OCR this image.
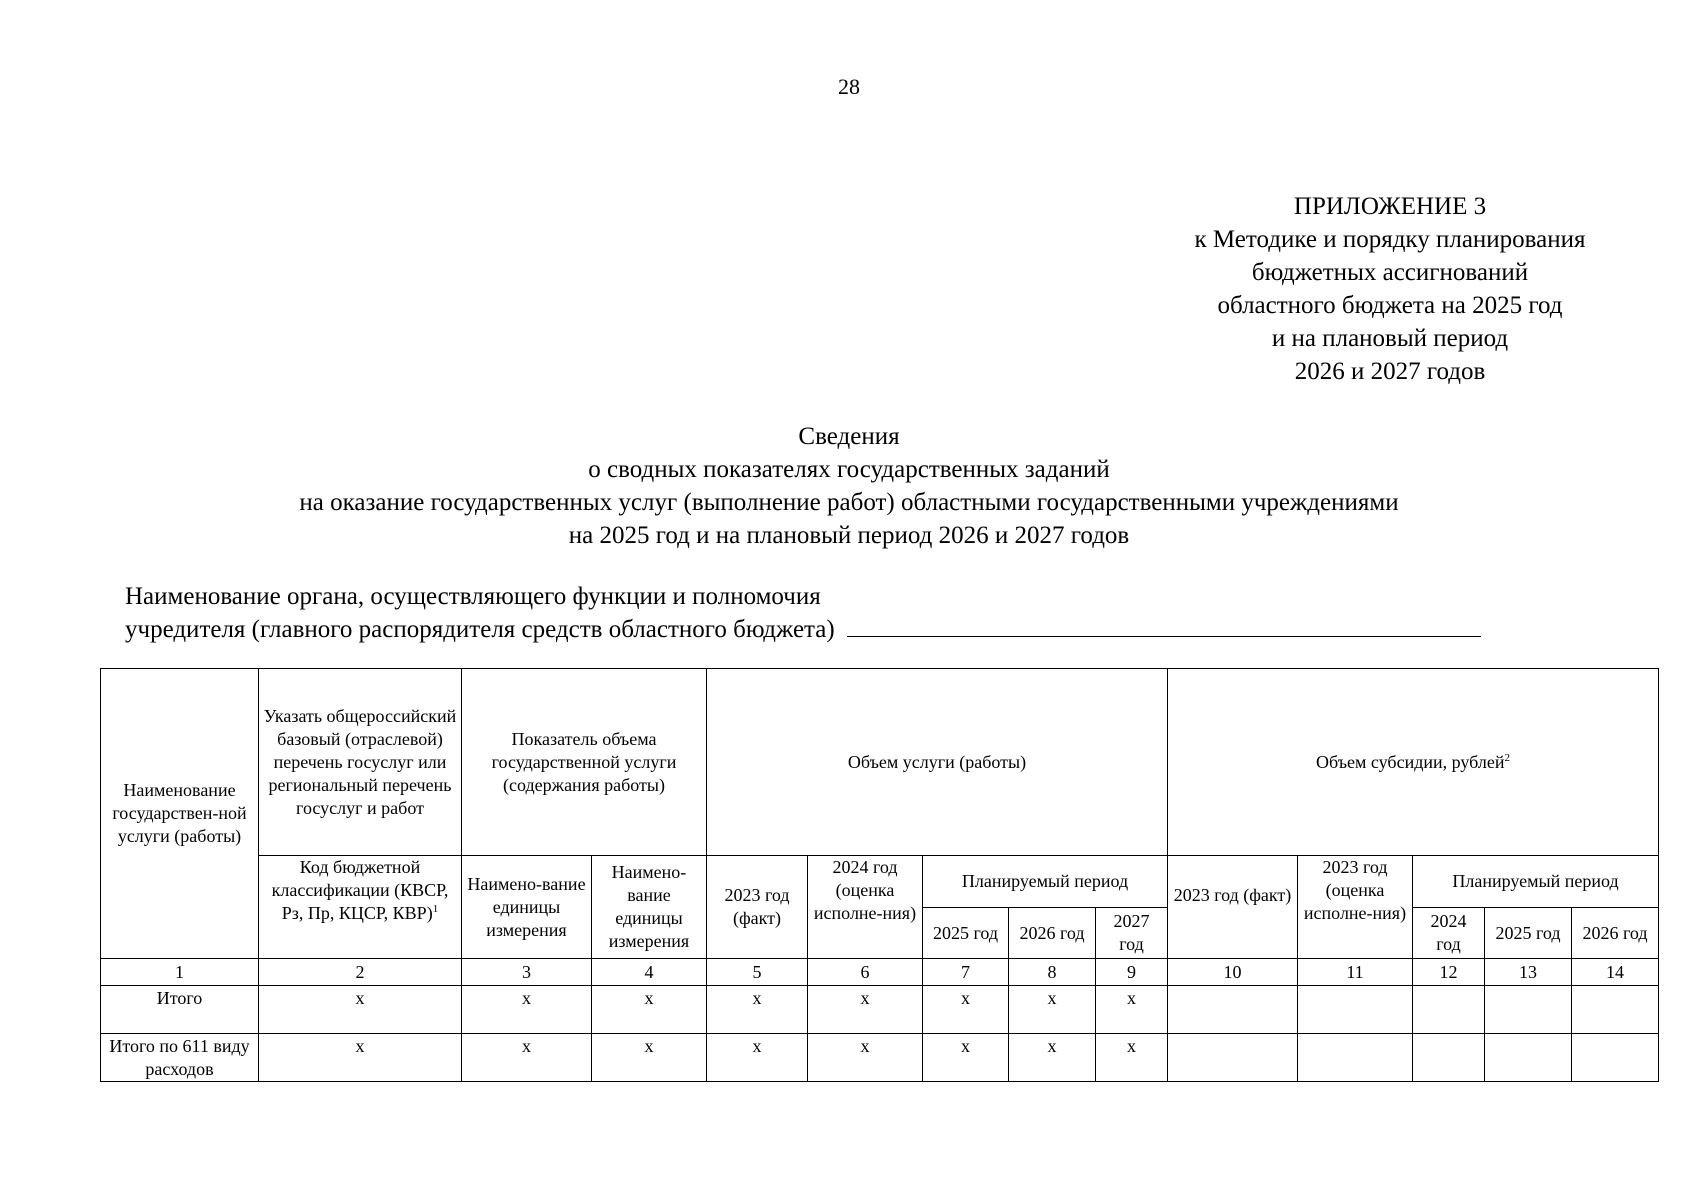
28
ПРИЛОЖЕНИЕ 3
к Методике и порядку планирования
бюджетных ассигнований
областного бюджета на 2025 год
и на плановый период
2026 и 2027 годов
Сведения
о сводных показателях государственных заданий
на оказание государственных услуг (выполнение работ) областными государственными учреждениями
на 2025 год и на плановый период 2026 и 2027 годов
Наименование органа, осуществляющего функции и полномочия
учредителя (главного распорядителя средств областного бюджета)
Наименование государствен-ной услуги (работы)	Указать общероссийский базовый (отраслевой) перечень госуслуг или региональный перечень госуслуг и работ	Показатель объема государственной услуги (содержания работы)		Объем услуги (работы)					Объем субсидии, рублей$^2$
	Код бюджетной классификации (КВСР, Рз, Пр, КЦСР, КВР)$^1$	Наимено-вание единицы измерения	Наимено-вание единицы измерения	2023 год (факт)	2024 год (оценка исполне-ния)	Планируемый период			2023 год (факт)	2023 год (оценка исполне-ния)	Планируемый период		
						2025 год	2026 год	2027 год			2024 год	2025 год	2026 год
1	2	3	4	5	6	7	8	9	10	11	12	13	14
Итого	х	х	х	х	х	х	х	х					
Итого по 611 виду расходов	х	х	х	х	х	х	х	х					
